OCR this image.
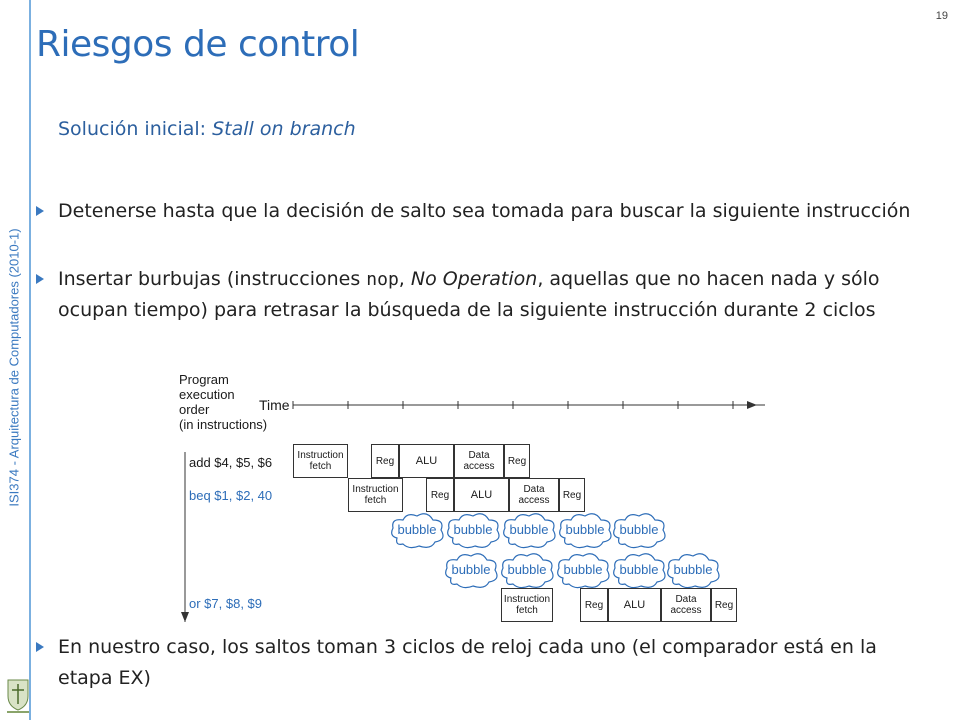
ISI374 - Arquitectura de Computadores (2010-1)
19
Riesgos de control
Solución inicial: Stall on branch
Detenerse hasta que la decisión de salto sea tomada para buscar la siguiente instrucción
Insertar burbujas (instrucciones nop, No Operation, aquellas que no hacen nada y sólo ocupan tiempo) para retrasar la búsqueda de la siguiente instrucción durante 2 ciclos
En nuestro caso, los saltos toman 3 ciclos de reloj cada uno (el comparador está en la etapa EX)
Program
execution
order
(in instructions)
Time
add $4, $5, $6
beq $1, $2, 40
or $7, $8, $9
Instruction fetch	Reg	ALU	Data access	Reg
Instruction fetch	Reg	ALU	Data access	Reg
bubble	bubble	bubble	bubble	bubble
bubble	bubble	bubble	bubble	bubble
Instruction fetch	Reg	ALU	Data access	Reg
